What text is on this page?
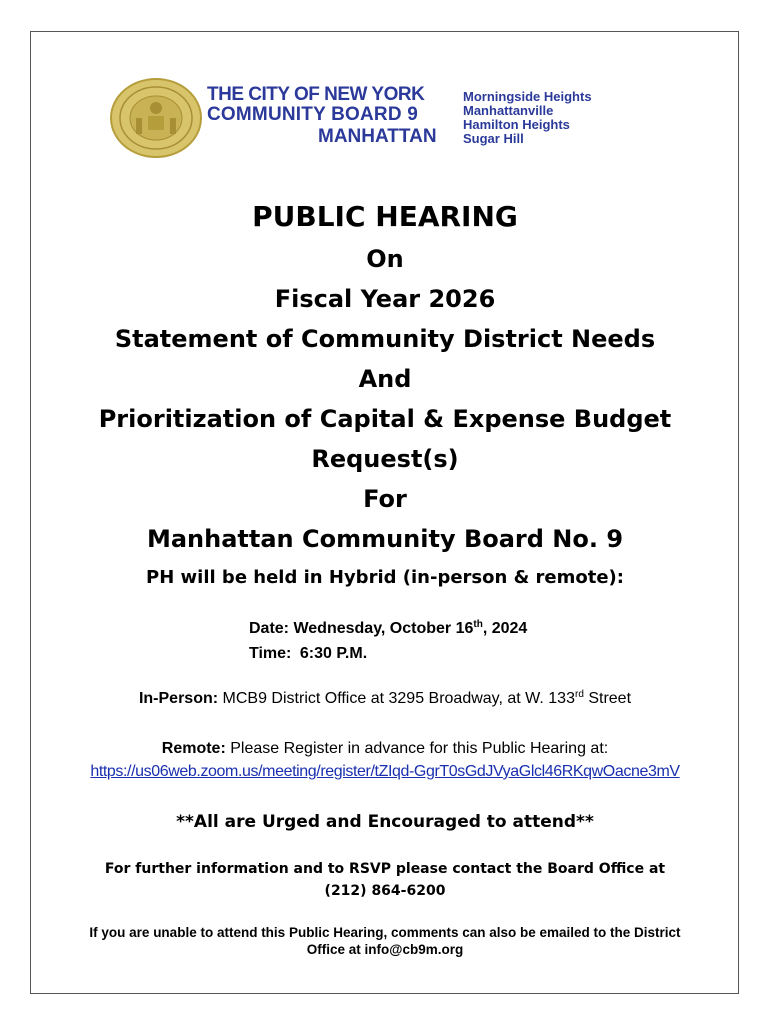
THE CITY OF NEW YORK
COMMUNITY BOARD 9
MANHATTAN
Morningside Heights
Manhattanville
Hamilton Heights
Sugar Hill
PUBLIC HEARING
On
Fiscal Year 2026
Statement of Community District Needs
And
Prioritization of Capital & Expense Budget
Request(s)
For
Manhattan Community Board No. 9
PH will be held in Hybrid (in-person & remote):
Date: Wednesday, October 16th, 2024
Time: 6:30 P.M.
In-Person: MCB9 District Office at 3295 Broadway, at W. 133rd Street
Remote: Please Register in advance for this Public Hearing at:
https://us06web.zoom.us/meeting/register/tZIqd-GgrT0sGdJVyaGlcl46RKqwOacne3mV
**All are Urged and Encouraged to attend**
For further information and to RSVP please contact the Board Office at
(212) 864-6200
If you are unable to attend this Public Hearing, comments can also be emailed to the District
Office at info@cb9m.org
